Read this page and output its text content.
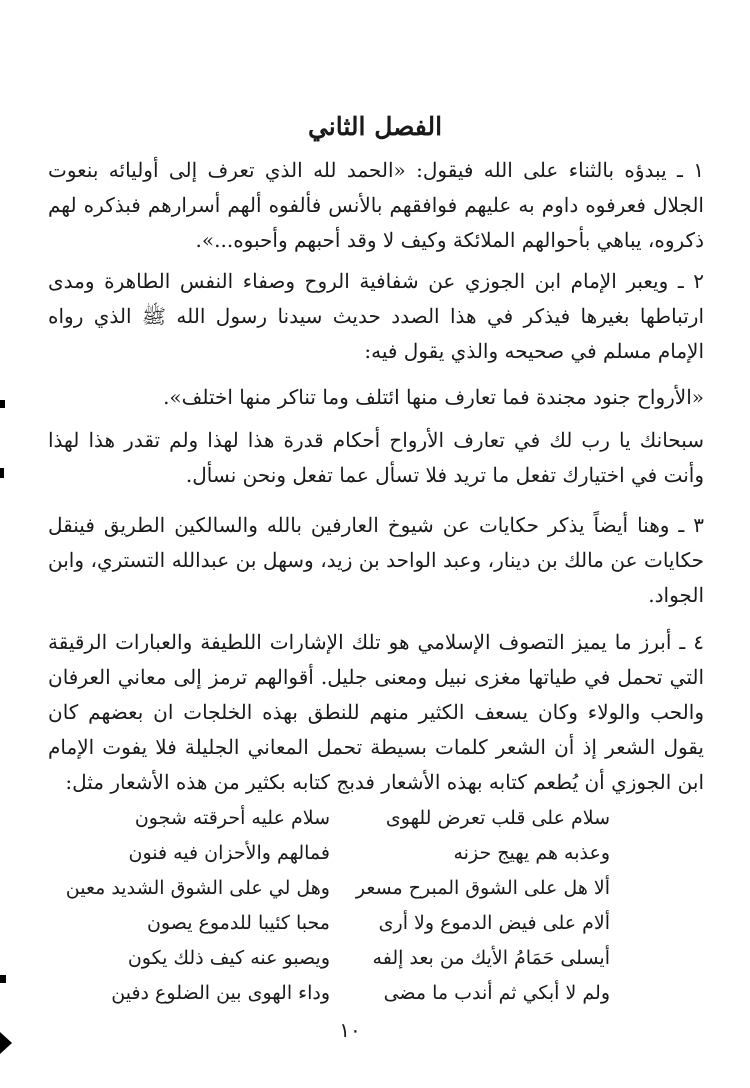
الفصل الثاني
١ ـ يبدؤه بالثناء على الله فيقول: «الحمد لله الذي تعرف إلى أوليائه بنعوت الجلال فعرفوه داوم به عليهم فوافقهم بالأنس فألفوه ألهم أسرارهم فبذكره لهم ذكروه، يباهي بأحوالهم الملائكة وكيف لا وقد أحبهم وأحبوه...».
٢ ـ ويعبر الإمام ابن الجوزي عن شفافية الروح وصفاء النفس الطاهرة ومدى ارتباطها بغيرها فيذكر في هذا الصدد حديث سيدنا رسول الله ﷺ الذي رواه الإمام مسلم في صحيحه والذي يقول فيه:
«الأرواح جنود مجندة فما تعارف منها ائتلف وما تناكر منها اختلف».
سبحانك يا رب لك في تعارف الأرواح أحكام قدرة هذا لهذا ولم تقدر هذا لهذا وأنت في اختيارك تفعل ما تريد فلا تسأل عما تفعل ونحن نسأل.
٣ ـ وهنا أيضاً يذكر حكايات عن شيوخ العارفين بالله والسالكين الطريق فينقل حكايات عن مالك بن دينار، وعبد الواحد بن زيد، وسهل بن عبدالله التستري، وابن الجواد.
٤ ـ أبرز ما يميز التصوف الإسلامي هو تلك الإشارات اللطيفة والعبارات الرقيقة التي تحمل في طياتها مغزى نبيل ومعنى جليل. أقوالهم ترمز إلى معاني العرفان والحب والولاء وكان يسعف الكثير منهم للنطق بهذه الخلجات ان بعضهم كان يقول الشعر إذ أن الشعر كلمات بسيطة تحمل المعاني الجليلة فلا يفوت الإمام ابن الجوزي أن يُطعم كتابه بهذه الأشعار فدبج كتابه بكثير من هذه الأشعار مثل:
سلام على قلب تعرض للهوى
سلام عليه أحرقته شجون
وعذبه هم يهيج حزنه
فمالهم والأحزان فيه فنون
ألا هل على الشوق المبرح مسعر
وهل لي على الشوق الشديد معين
ألام على فيض الدموع ولا أرى
محبا كئيبا للدموع يصون
أيسلى حَمَامُ الأيك من بعد إلفه
ويصبو عنه كيف ذلك يكون
ولم لا أبكي ثم أندب ما مضى
وداء الهوى بين الضلوع دفين
١٠
